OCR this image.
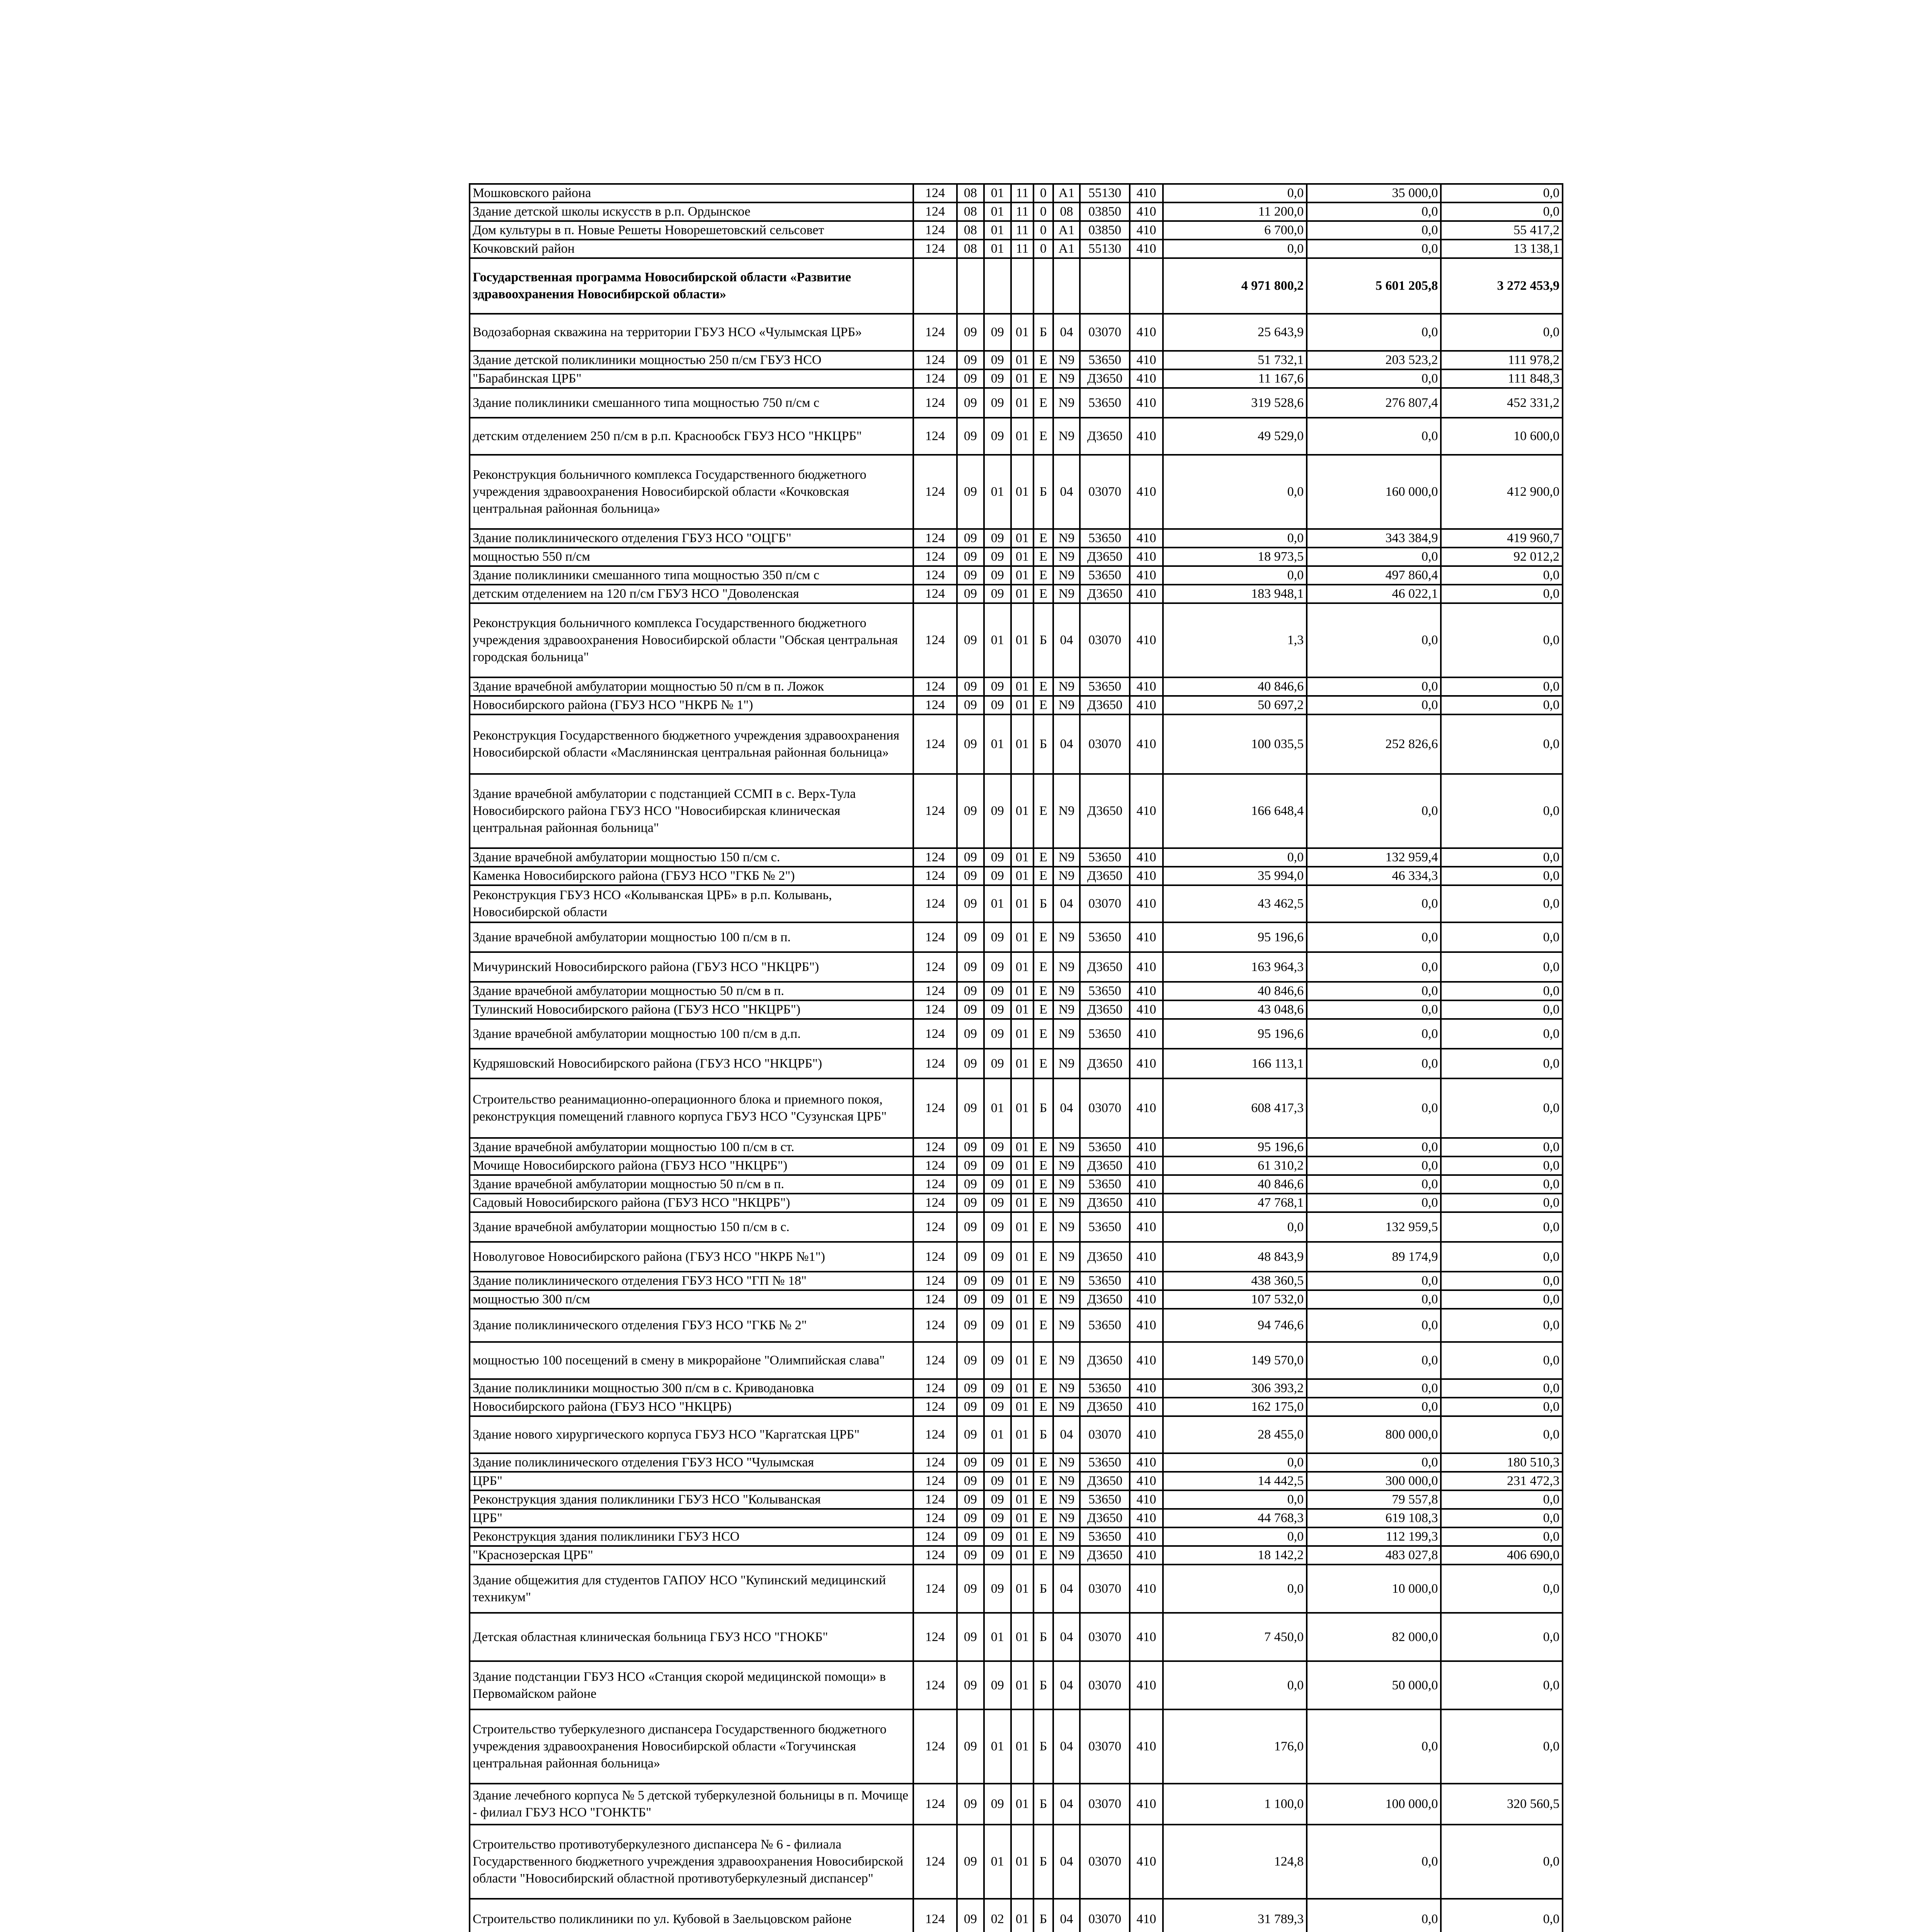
Мошковского района	124	08	01	11	0	А1	55130	410	0,0	35 000,0	0,0
Здание детской школы искусств в р.п. Ордынское	124	08	01	11	0	08	03850	410	11 200,0	0,0	0,0
Дом культуры в п. Новые Решеты Новорешетовский сельсовет	124	08	01	11	0	А1	03850	410	6 700,0	0,0	55 417,2
Кочковский район	124	08	01	11	0	А1	55130	410	0,0	0,0	13 138,1
Государственная программа Новосибирской области «Развитие здравоохранения Новосибирской области»									4 971 800,2	5 601 205,8	3 272 453,9
Водозаборная скважина на территории ГБУЗ НСО «Чулымская ЦРБ»	124	09	09	01	Б	04	03070	410	25 643,9	0,0	0,0
Здание детской поликлиники мощностью 250 п/см ГБУЗ НСО	124	09	09	01	Е	N9	53650	410	51 732,1	203 523,2	111 978,2
"Барабинская ЦРБ"	124	09	09	01	Е	N9	Д3650	410	11 167,6	0,0	111 848,3
Здание поликлиники смешанного типа мощностью 750 п/см с	124	09	09	01	Е	N9	53650	410	319 528,6	276 807,4	452 331,2
детским отделением 250 п/см в р.п. Краснообск ГБУЗ НСО "НКЦРБ"	124	09	09	01	Е	N9	Д3650	410	49 529,0	0,0	10 600,0
Реконструкция больничного комплекса Государственного бюджетного учреждения здравоохранения Новосибирской области «Кочковская центральная районная больница»	124	09	01	01	Б	04	03070	410	0,0	160 000,0	412 900,0
Здание поликлинического отделения ГБУЗ НСО "ОЦГБ"	124	09	09	01	Е	N9	53650	410	0,0	343 384,9	419 960,7
мощностью 550 п/см	124	09	09	01	Е	N9	Д3650	410	18 973,5	0,0	92 012,2
Здание поликлиники смешанного типа мощностью 350 п/см с	124	09	09	01	Е	N9	53650	410	0,0	497 860,4	0,0
детским отделением на 120 п/см ГБУЗ НСО "Доволенская	124	09	09	01	Е	N9	Д3650	410	183 948,1	46 022,1	0,0
Реконструкция больничного комплекса Государственного бюджетного учреждения здравоохранения Новосибирской области "Обская центральная городская больница"	124	09	01	01	Б	04	03070	410	1,3	0,0	0,0
Здание врачебной амбулатории мощностью 50 п/см в п. Ложок	124	09	09	01	Е	N9	53650	410	40 846,6	0,0	0,0
Новосибирского района (ГБУЗ НСО "НКРБ № 1")	124	09	09	01	Е	N9	Д3650	410	50 697,2	0,0	0,0
Реконструкция Государственного бюджетного учреждения здравоохранения Новосибирской области «Маслянинская центральная районная больница»	124	09	01	01	Б	04	03070	410	100 035,5	252 826,6	0,0
Здание врачебной амбулатории с подстанцией ССМП в с. Верх-Тула Новосибирского района ГБУЗ НСО "Новосибирская клиническая центральная районная больница"	124	09	09	01	Е	N9	Д3650	410	166 648,4	0,0	0,0
Здание врачебной амбулатории мощностью 150 п/см с.	124	09	09	01	Е	N9	53650	410	0,0	132 959,4	0,0
Каменка Новосибирского района (ГБУЗ НСО "ГКБ № 2")	124	09	09	01	Е	N9	Д3650	410	35 994,0	46 334,3	0,0
Реконструкция ГБУЗ НСО «Колыванская ЦРБ» в р.п. Колывань, Новосибирской области	124	09	01	01	Б	04	03070	410	43 462,5	0,0	0,0
Здание врачебной амбулатории мощностью 100 п/см в п.	124	09	09	01	Е	N9	53650	410	95 196,6	0,0	0,0
Мичуринский Новосибирского района (ГБУЗ НСО "НКЦРБ")	124	09	09	01	Е	N9	Д3650	410	163 964,3	0,0	0,0
Здание врачебной амбулатории мощностью 50 п/см в п.	124	09	09	01	Е	N9	53650	410	40 846,6	0,0	0,0
Тулинский Новосибирского района (ГБУЗ НСО "НКЦРБ")	124	09	09	01	Е	N9	Д3650	410	43 048,6	0,0	0,0
Здание врачебной амбулатории мощностью 100 п/см в д.п.	124	09	09	01	Е	N9	53650	410	95 196,6	0,0	0,0
Кудряшовский Новосибирского района (ГБУЗ НСО "НКЦРБ")	124	09	09	01	Е	N9	Д3650	410	166 113,1	0,0	0,0
Строительство реанимационно-операционного блока и приемного покоя, реконструкция помещений главного корпуса ГБУЗ НСО "Сузунская ЦРБ"	124	09	01	01	Б	04	03070	410	608 417,3	0,0	0,0
Здание врачебной амбулатории мощностью 100 п/см в ст.	124	09	09	01	Е	N9	53650	410	95 196,6	0,0	0,0
Мочище Новосибирского района (ГБУЗ НСО "НКЦРБ")	124	09	09	01	Е	N9	Д3650	410	61 310,2	0,0	0,0
Здание врачебной амбулатории мощностью 50 п/см в п.	124	09	09	01	Е	N9	53650	410	40 846,6	0,0	0,0
Садовый Новосибирского района (ГБУЗ НСО "НКЦРБ")	124	09	09	01	Е	N9	Д3650	410	47 768,1	0,0	0,0
Здание врачебной амбулатории мощностью 150 п/см в с.	124	09	09	01	Е	N9	53650	410	0,0	132 959,5	0,0
Новолуговое Новосибирского района (ГБУЗ НСО "НКРБ №1")	124	09	09	01	Е	N9	Д3650	410	48 843,9	89 174,9	0,0
Здание поликлинического отделения ГБУЗ НСО "ГП № 18"	124	09	09	01	Е	N9	53650	410	438 360,5	0,0	0,0
мощностью 300 п/см	124	09	09	01	Е	N9	Д3650	410	107 532,0	0,0	0,0
Здание поликлинического отделения ГБУЗ НСО "ГКБ № 2"	124	09	09	01	Е	N9	53650	410	94 746,6	0,0	0,0
мощностью 100 посещений в смену в микрорайоне "Олимпийская слава"	124	09	09	01	Е	N9	Д3650	410	149 570,0	0,0	0,0
Здание поликлиники мощностью 300 п/см в с. Криводановка	124	09	09	01	Е	N9	53650	410	306 393,2	0,0	0,0
Новосибирского района (ГБУЗ НСО "НКЦРБ)	124	09	09	01	Е	N9	Д3650	410	162 175,0	0,0	0,0
Здание нового хирургического корпуса ГБУЗ НСО "Каргатская ЦРБ"	124	09	01	01	Б	04	03070	410	28 455,0	800 000,0	0,0
Здание поликлинического отделения ГБУЗ НСО "Чулымская	124	09	09	01	Е	N9	53650	410	0,0	0,0	180 510,3
ЦРБ"	124	09	09	01	Е	N9	Д3650	410	14 442,5	300 000,0	231 472,3
Реконструкция здания поликлиники ГБУЗ НСО "Колыванская	124	09	09	01	Е	N9	53650	410	0,0	79 557,8	0,0
ЦРБ"	124	09	09	01	Е	N9	Д3650	410	44 768,3	619 108,3	0,0
Реконструкция здания поликлиники ГБУЗ НСО	124	09	09	01	Е	N9	53650	410	0,0	112 199,3	0,0
"Краснозерская ЦРБ"	124	09	09	01	Е	N9	Д3650	410	18 142,2	483 027,8	406 690,0
Здание общежития для студентов ГАПОУ НСО "Купинский медицинский техникум"	124	09	09	01	Б	04	03070	410	0,0	10 000,0	0,0
Детская областная клиническая больница ГБУЗ НСО "ГНОКБ"	124	09	01	01	Б	04	03070	410	7 450,0	82 000,0	0,0
Здание подстанции ГБУЗ НСО «Станция скорой медицинской помощи» в Первомайском районе	124	09	09	01	Б	04	03070	410	0,0	50 000,0	0,0
Строительство туберкулезного диспансера Государственного бюджетного учреждения здравоохранения Новосибирской области «Тогучинская центральная районная больница»	124	09	01	01	Б	04	03070	410	176,0	0,0	0,0
Здание лечебного корпуса № 5 детской туберкулезной больницы в п. Мочище - филиал ГБУЗ НСО "ГОНКТБ"	124	09	09	01	Б	04	03070	410	1 100,0	100 000,0	320 560,5
Строительство противотуберкулезного диспансера № 6 - филиала Государственного бюджетного учреждения здравоохранения Новосибирской области "Новосибирский областной противотуберкулезный диспансер"	124	09	01	01	Б	04	03070	410	124,8	0,0	0,0
Строительство поликлиники по ул. Кубовой в Заельцовском районе	124	09	02	01	Б	04	03070	410	31 789,3	0,0	0,0
